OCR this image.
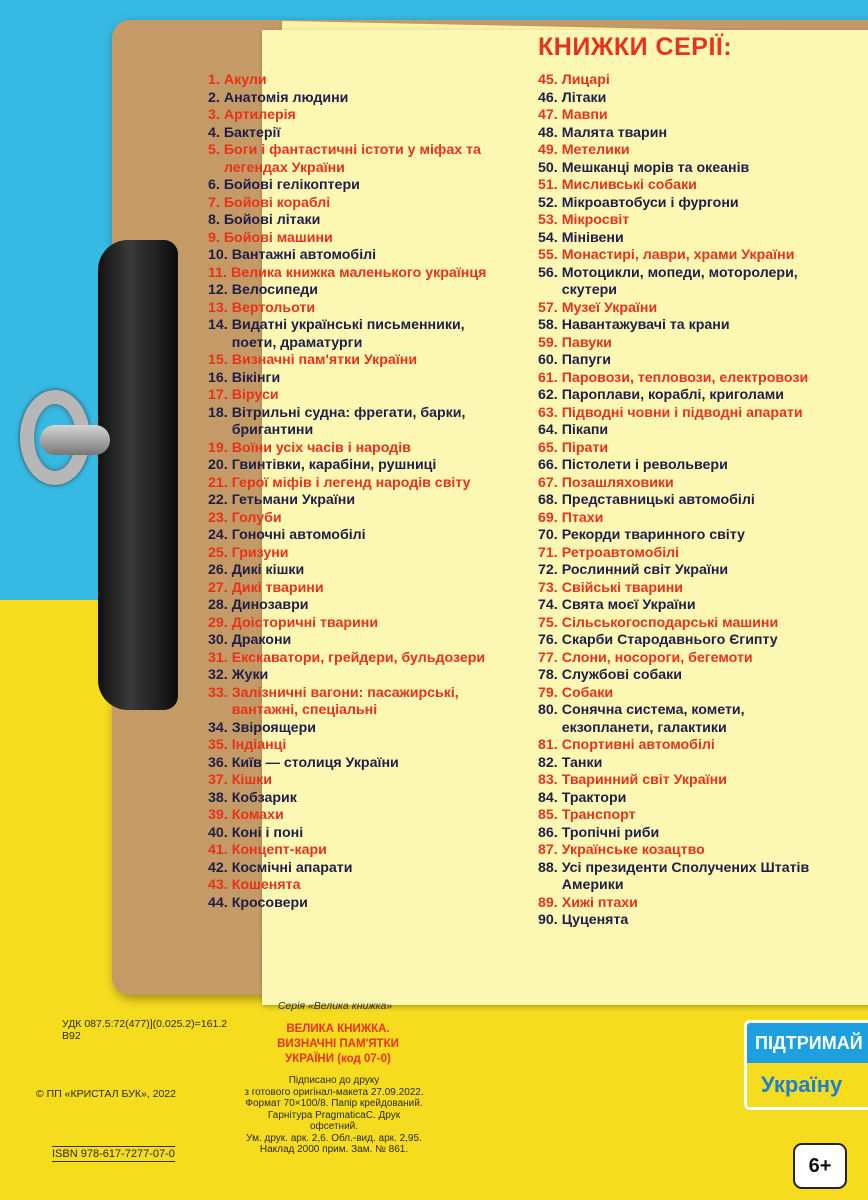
КНИЖКИ СЕРІЇ:
1. Акули
2. Анатомія людини
3. Артилерія
4. Бактерії
5. Боги і фантастичні істоти у міфах та легендах України
6. Бойові гелікоптери
7. Бойові кораблі
8. Бойові літаки
9. Бойові машини
10. Вантажні автомобілі
11. Велика книжка маленького українця
12. Велосипеди
13. Вертольоти
14. Видатні українські письменники, поети, драматурги
15. Визначні пам'ятки України
16. Вікінги
17. Віруси
18. Вітрильні судна: фрегати, барки, бригантини
19. Воїни усіх часів і народів
20. Гвинтівки, карабіни, рушниці
21. Герої міфів і легенд народів світу
22. Гетьмани України
23. Голуби
24. Гоночні автомобілі
25. Гризуни
26. Дикі кішки
27. Дикі тварини
28. Динозаври
29. Доісторичні тварини
30. Дракони
31. Екскаватори, грейдери, бульдозери
32. Жуки
33. Залізничні вагони: пасажирські, вантажні, спеціальні
34. Звіроящери
35. Індіанці
36. Київ — столиця України
37. Кішки
38. Кобзарик
39. Комахи
40. Коні і поні
41. Концепт-кари
42. Космічні апарати
43. Кошенята
44. Кросовери
45. Лицарі
46. Літаки
47. Мавпи
48. Малята тварин
49. Метелики
50. Мешканці морів та океанів
51. Мисливські собаки
52. Мікроавтобуси і фургони
53. Мікросвіт
54. Мінівени
55. Монастирі, лаври, храми України
56. Мотоцикли, мопеди, моторолери, скутери
57. Музеї України
58. Навантажувачі та крани
59. Павуки
60. Папуги
61. Паровози, тепловози, електровози
62. Пароплави, кораблі, криголами
63. Підводні човни і підводні апарати
64. Пікапи
65. Пірати
66. Пістолети і револьвери
67. Позашляховики
68. Представницькі автомобілі
69. Птахи
70. Рекорди тваринного світу
71. Ретроавтомобілі
72. Рослинний світ України
73. Свійські тварини
74. Свята моєї України
75. Сільськогосподарські машини
76. Скарби Стародавнього Єгипту
77. Слони, носороги, бегемоти
78. Службові собаки
79. Собаки
80. Сонячна система, комети, екзопланети, галактики
81. Спортивні автомобілі
82. Танки
83. Тваринний світ України
84. Трактори
85. Транспорт
86. Тропічні риби
87. Українське козацтво
88. Усі президенти Сполучених Штатів Америки
89. Хижі птахи
90. Цуценята
УДК 087.5:72(477)](0.025.2)=161.2
В92
© ПП «КРИСТАЛ БУК», 2022
ISBN 978-617-7277-07-0
Серія «Велика книжка»
ВЕЛИКА КНИЖКА.
ВИЗНАЧНІ ПАМ'ЯТКИ
УКРАЇНИ (код 07-0)
Підписано до друку
з готового оригінал-макета 27.09.2022.
Формат 70×100/8. Папір крейдований.
Гарнітура PragmaticaC. Друк офсетний.
Ум. друк. арк. 2,6. Обл.-вид. арк. 2,95.
Наклад 2000 прим. Зам. № 861.
ПІДТРИМАЙ
Україну
6+
